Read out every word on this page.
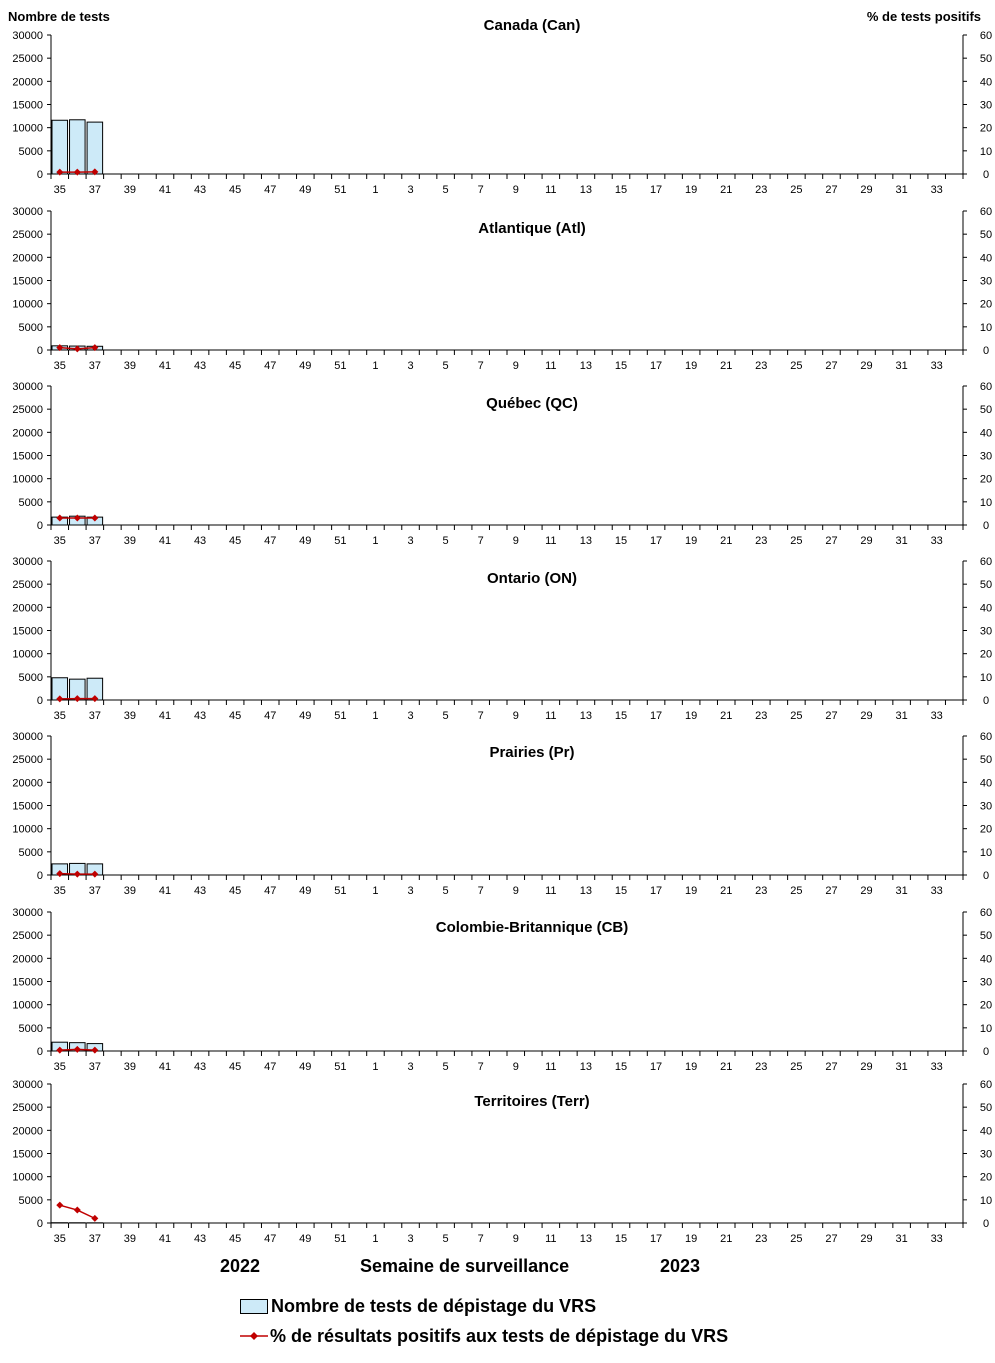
Nombre de tests	% de tests positifs
Canada (Can)
0
5000
10000
15000
20000
25000
30000
0
10
20
30
40
50
60
35 37 39 41 43 45 47 49 51 1	3	5	7	9 11 13 15 17 19 21 23 25 27 29 31 33
Atlantique (Atl)
0
5000
10000
15000
20000
25000
30000
0
10
20
30
40
50
60
35 37 39 41 43 45 47 49 51 1	3	5	7	9 11 13 15 17 19 21 23 25 27 29 31 33
Québec (QC)
0
5000
10000
15000
20000
25000
30000
0
10
20
30
40
50
60
35 37 39 41 43 45 47 49 51 1	3	5	7	9 11 13 15 17 19 21 23 25 27 29 31 33
Ontario (ON)
0
5000
10000
15000
20000
25000
30000
0
10
20
30
40
50
60
35 37 39 41 43 45 47 49 51 1	3	5	7	9 11 13 15 17 19 21 23 25 27 29 31 33
Prairies (Pr)
0
5000
10000
15000
20000
25000
30000
0
10
20
30
40
50
60
35 37 39 41 43 45 47 49 51 1	3	5	7	9 11 13 15 17 19 21 23 25 27 29 31 33
Colombie-Britannique (CB)
0
5000
10000
15000
20000
25000
30000
0
10
20
30
40
50
60
35 37 39 41 43 45 47 49 51 1	3	5	7	9 11 13 15 17 19 21 23 25 27 29 31 33
Territoires (Terr)
0
5000
10000
15000
20000
25000
30000
0
10
20
30
40
50
60
35 37 39 41 43 45 47 49 51 1	3	5	7	9 11 13 15 17 19 21 23 25 27 29 31 33
2022	Semaine de surveillance	2023
Nombre de tests de dépistage du VRS
% de résultats positifs aux tests de dépistage du VRS
